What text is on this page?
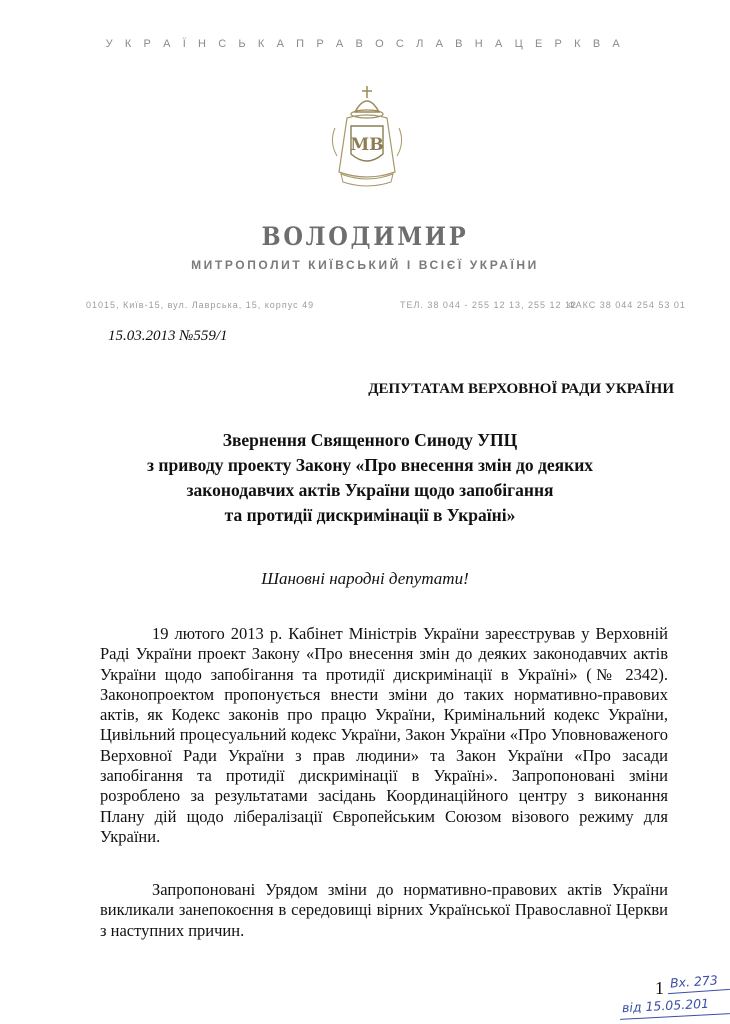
У К Р А Ї Н С Ь К А П Р А В О С Л А В Н А Ц Е Р К В А
МВ
ВОЛОДИМИР
МИТРОПОЛИТ КИЇВСЬКИЙ І ВСІЄЇ УКРАЇНИ
01015, Київ-15, вул. Лаврська, 15, корпус 49	ТЕЛ. 38 044 - 255 12 13, 255 12 12
ФАКС 38 044 254 53 01
15.03.2013 №559/1
ДЕПУТАТАМ ВЕРХОВНОЇ РАДИ УКРАЇНИ
Звернення Священного Синоду УПЦ
з приводу проекту Закону «Про внесення змін до деяких
законодавчих актів України щодо запобігання
та протидії дискримінації в Україні»
Шановні народні депутати!
19 лютого 2013 р. Кабінет Міністрів України зареєстрував у Верховній Раді України проект Закону «Про внесення змін до деяких законодавчих актів України щодо запобігання та протидії дискримінації в Україні» (№ 2342). Законопроектом пропонується внести зміни до таких нормативно-правових актів, як Кодекс законів про працю України, Кримінальний кодекс України, Цивільний процесуальний кодекс України, Закон України «Про Уповноваженого Верховної Ради України з прав людини» та Закон України «Про засади запобігання та протидії дискримінації в Україні». Запропоновані зміни розроблено за результатами засідань Координаційного центру з виконання Плану дій щодо лібералізації Європейським Союзом візового режиму для України.
Запропоновані Урядом зміни до нормативно-правових актів України викликали занепокоєння в середовищі вірних Української Православної Церкви з наступних причин.
1 Вх. 273
від 15.05.201
